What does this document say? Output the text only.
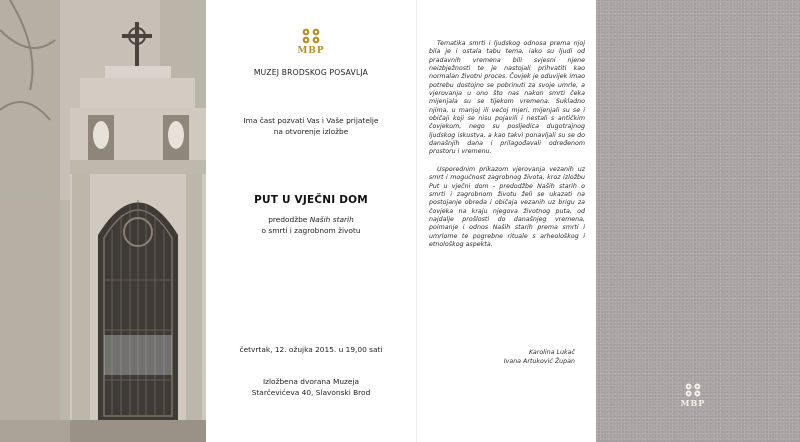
MBP
MUZEJ BRODSKOG POSAVLJA
Ima čast pozvati Vas i Vaše prijatelje
na otvorenje izložbe
PUT U VJEČNI DOM
predodžbe Naših starih
o smrti i zagrobnom životu
četvrtak, 12. ožujka 2015. u 19,00 sati
Izložbena dvorana Muzeja
Starčevićeva 40, Slavonski Brod

Tematika smrti i ljudskog odnosa prema njoj bila je i ostala tabu tema, iako su ljudi od pradavnih vremena bili svjesni njene neizbježnosti te je nastojali prihvatiti kao normalan životni proces. Čovjek je oduvijek imao potrebu dostojno se pobrinuti za svoje umrle, a vjerovanja u ono što nas nakon smrti čeka mijenjala su se tijekom vremena. Sukladno njima, u manjoj ili većoj mjeri, mijenjali su se i običaji koji se nisu pojavili i nestali s antičkim čovjekom, nego su posljedica dugotrajnog ljudskog iskustva, a kao takvi ponavljali su se do današnjih dana i prilagođavali određenom prostoru i vremenu.

Usporednim prikazom vjerovanja vezanih uz smrt i mogućnost zagrobnog života, kroz izložbu Put u vječni dom - predodžbe Naših starih o smrti i zagrobnom životu želi se ukazati na postojanje obreda i običaja vezanih uz brigu za čovjeka na kraju njegova životnog puta, od najdalje prošlosti do današnjeg vremena, poimanje i odnos Naših starih prema smrti i umrlome te pogrebne rituale s arheološkog i etnološkog aspekta.

Karolina Lukač
Ivana Artuković Župan
MBP
